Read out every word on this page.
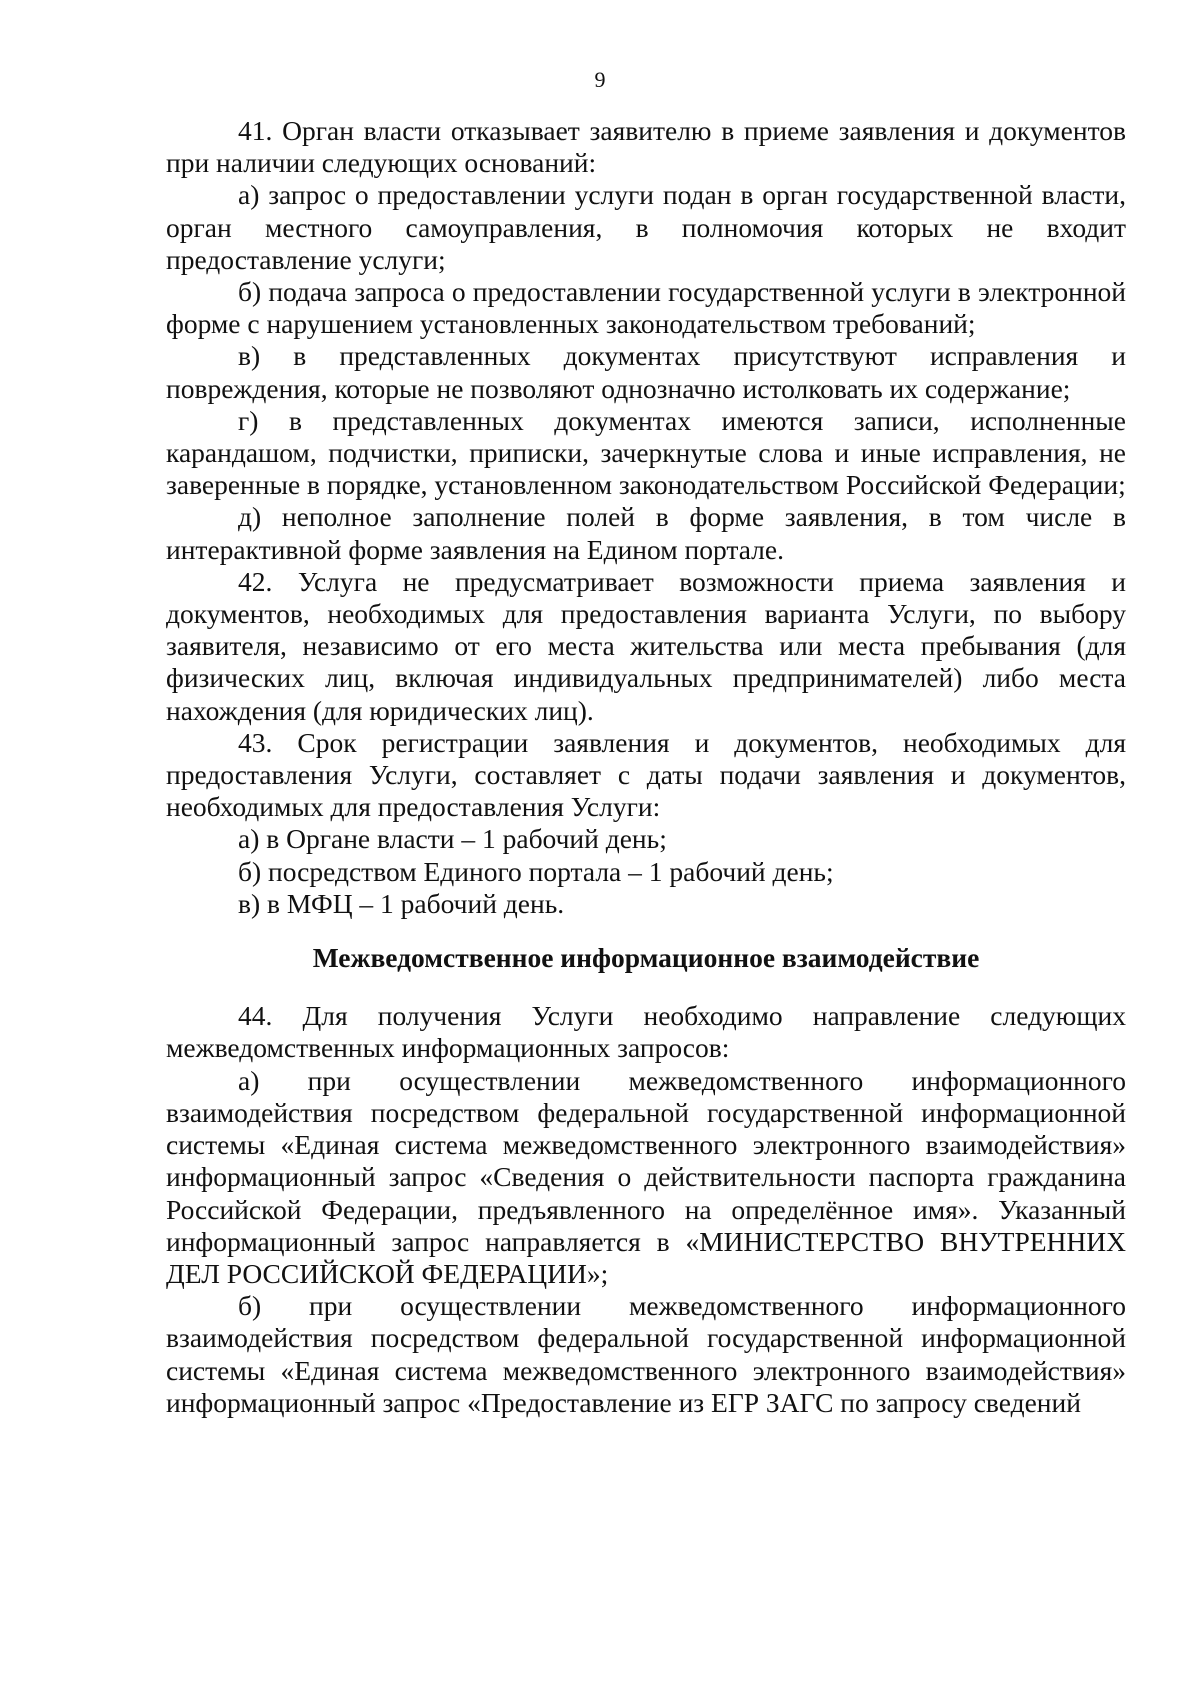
9

41. Орган власти отказывает заявителю в приеме заявления и документов при наличии следующих оснований:

а) запрос о предоставлении услуги подан в орган государственной власти, орган местного самоуправления, в полномочия которых не входит предоставление услуги;

б) подача запроса о предоставлении государственной услуги в электронной форме с нарушением установленных законодательством требований;

в) в представленных документах присутствуют исправления и повреждения, которые не позволяют однозначно истолковать их содержание;

г) в представленных документах имеются записи, исполненные карандашом, подчистки, приписки, зачеркнутые слова и иные исправления, не заверенные в порядке, установленном законодательством Российской Федерации;

д) неполное заполнение полей в форме заявления, в том числе в интерактивной форме заявления на Едином портале.

42. Услуга не предусматривает возможности приема заявления и документов, необходимых для предоставления варианта Услуги, по выбору заявителя, независимо от его места жительства или места пребывания (для физических лиц, включая индивидуальных предпринимателей) либо места нахождения (для юридических лиц).

43. Срок регистрации заявления и документов, необходимых для предоставления Услуги, составляет с даты подачи заявления и документов, необходимых для предоставления Услуги:

а) в Органе власти – 1 рабочий день;

б) посредством Единого портала – 1 рабочий день;

в) в МФЦ – 1 рабочий день.

Межведомственное информационное взаимодействие

44. Для получения Услуги необходимо направление следующих межведомственных информационных запросов:

а) при осуществлении межведомственного информационного взаимодействия посредством федеральной государственной информационной системы «Единая система межведомственного электронного взаимодействия» информационный запрос «Сведения о действительности паспорта гражданина Российской Федерации, предъявленного на определённое имя». Указанный информационный запрос направляется в «МИНИСТЕРСТВО ВНУТРЕННИХ ДЕЛ РОССИЙСКОЙ ФЕДЕРАЦИИ»;

б) при осуществлении межведомственного информационного взаимодействия посредством федеральной государственной информационной системы «Единая система межведомственного электронного взаимодействия» информационный запрос «Предоставление из ЕГР ЗАГС по запросу сведений
